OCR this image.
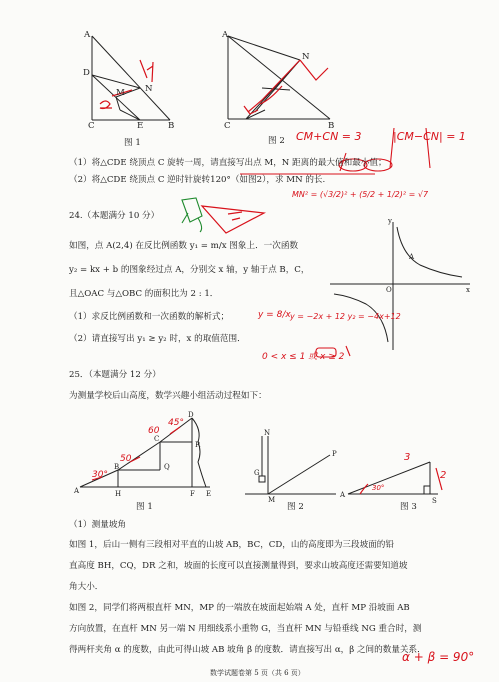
A
D
M N
C	E	B
图 1
A
N
C	B
图 2 CM+CN = 3	|CM−CN| = 1
（1）将△CDE 绕顶点 C 旋转一周，请直接写出点 M，N 距离的最大值和最小值；
（2）将△CDE 绕顶点 C 逆时针旋转120°（如图2），求 MN 的长.
MN² = (√3/2)² + (5/2 + 1/2)² = √7
24.（本题满分 10 分）
如图，点 A(2,4) 在反比例函数 y₁ = m/x 图象上．一次函数
y₂ = kx + b 的图象经过点 A，分别交 x 轴，y 轴于点 B，C，
且△OAC 与△OBC 的面积比为 2 : 1．
（1）求反比例函数和一次函数的解析式；
（2）请直接写出 y₁ ≥ y₂ 时，x 的取值范围．
y = 8/x y = −2x + 12 y₂ = −4x+12
0 < x ≤ 1 或 x ≥ 2
y
x
O
A
25．（本题满分 12 分）
为测量学校后山高度，数学兴趣小组活动过程如下：
A
B
C
D
Q
R
H	F E
30°
50
60
45°
图 1
N
G
M
P
图 2
A
S
30°
2
3
图 3
（1）测量坡角
如图 1，后山一侧有三段相对平直的山坡 AB，BC，CD，山的高度即为三段坡面的铅
直高度 BH，CQ，DR 之和，坡面的长度可以直接测量得到，要求山坡高度还需要知道坡
角大小．
如图 2，同学们将两根直杆 MN，MP 的一端放在坡面起始端 A 处，直杆 MP 沿坡面 AB
方向放置，在直杆 MN 另一端 N 用细线系小重物 G，当直杆 MN 与铅垂线 NG 重合时，测
得两杆夹角 α 的度数，由此可得山坡 AB 坡角 β 的度数．请直接写出 α，β 之间的数量关系．
α + β = 90°
数学试题卷第 5 页（共 6 页）
